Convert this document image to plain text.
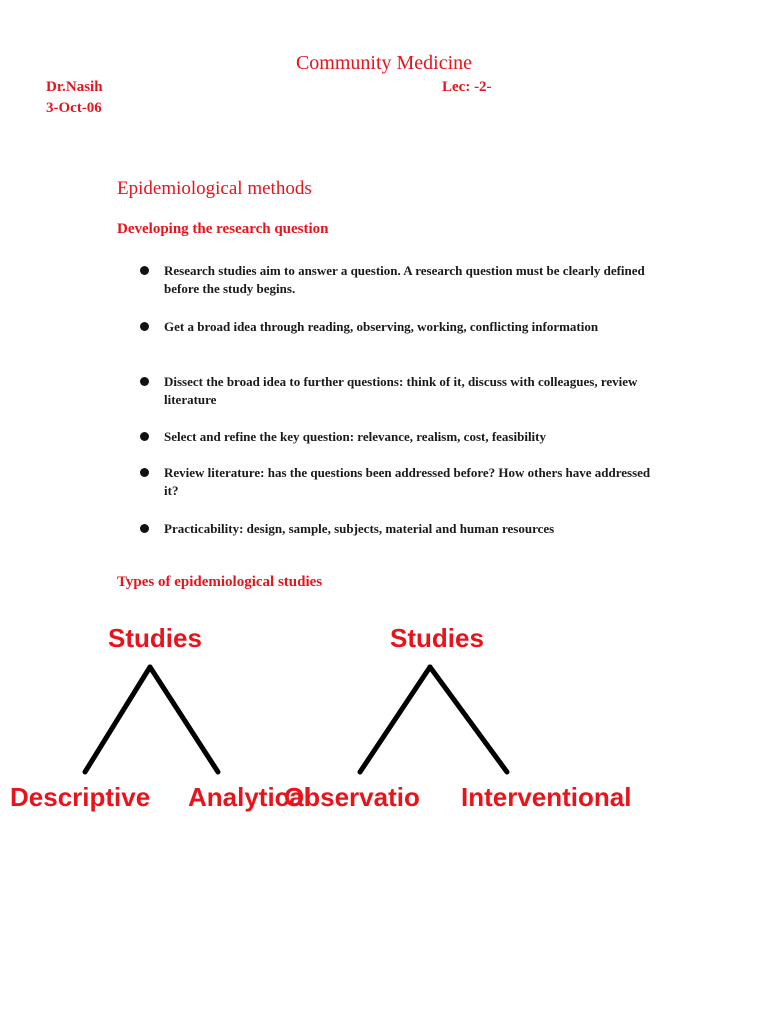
Community Medicine
Dr.Nasih	Lec: -2-
3-Oct-06
Epidemiological methods
Developing the research question
Research studies aim to answer a question. A research question must be clearly defined before the study begins.
Get a broad idea through reading, observing, working, conflicting information
Dissect the broad idea to further questions: think of it, discuss with colleagues, review literature
Select and refine the key question: relevance, realism, cost, feasibility
Review literature: has the questions been addressed before? How others have addressed it?
Practicability: design, sample, subjects, material and human resources
Types of epidemiological studies
Studies
Descriptive Analytical
Studies
Observatio Interventional
